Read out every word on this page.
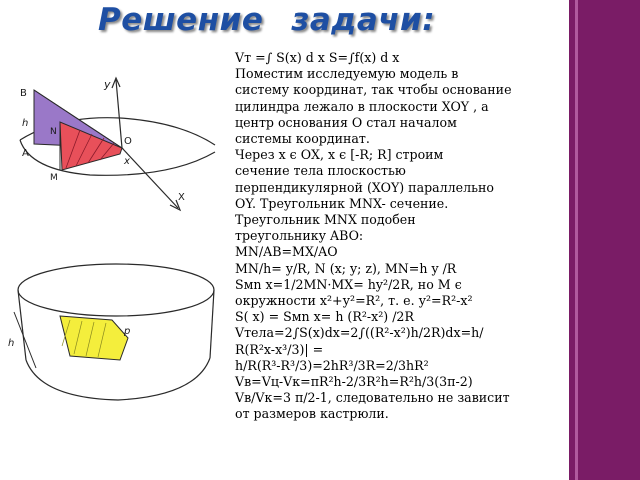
Решение задачи:
y
B
h
N
A
M
O
x
X
h
p
Vт =∫ S(x) d x S=∫f(x) d x
Поместим исследуемую модель в
систему координат, так чтобы основание
цилиндра лежало в плоскости XOY , а
центр основания О стал началом
системы координат.
Через х є ОХ, х є [-R; R] строим
сечение тела плоскостью
перпендикулярной (XOY) параллельно
ОY. Треугольник MNX- сечение.
Треугольник MNX подобен
треугольнику ABO:
MN/AB=MX/AO
MN/h= y/R, N (x; y; z), MN=h y /R
Sмn x=1/2MN·MX= hy²/2R, но М є
окружности х²+у²=R², т. е. у²=R²-х²
S( x) = Sмn x= h (R²-x²) /2R
Vтела=2∫S(x)dx=2∫((R²-x²)h/2R)dx=h/
R(R²x-x³/3)| =
h/R(R³-R³/3)=2hR³/3R=2/3hR²
Vв=Vц-Vк=πR²h-2/3R²h=R²h/3(3π-2)
Vв/Vк=3 π/2-1, следовательно не зависит
от размеров кастрюли.
